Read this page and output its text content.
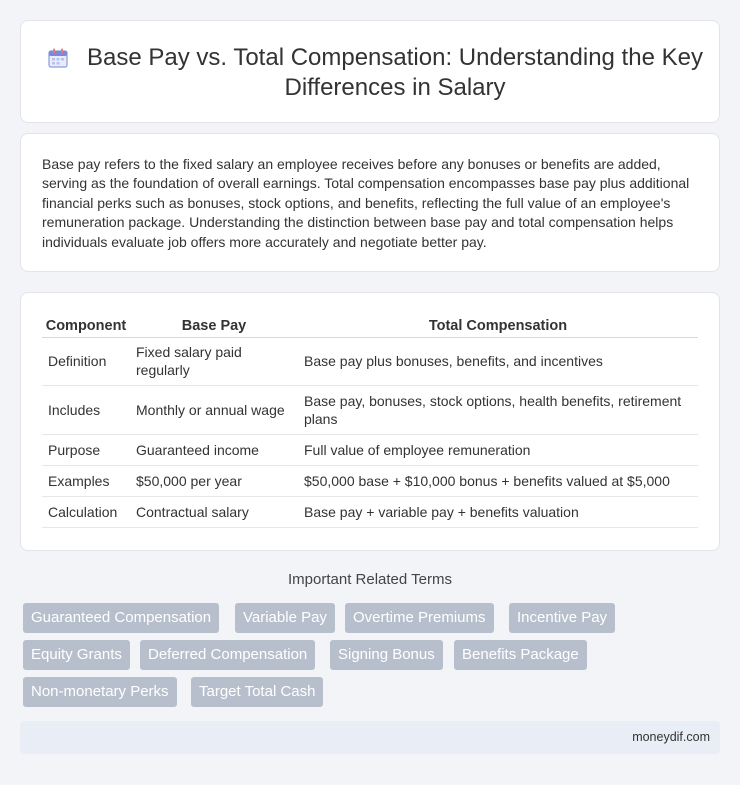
Base Pay vs. Total Compensation: Understanding the Key Differences in Salary

Base pay refers to the fixed salary an employee receives before any bonuses or benefits are added, serving as the foundation of overall earnings. Total compensation encompasses base pay plus additional financial perks such as bonuses, stock options, and benefits, reflecting the full value of an employee's remuneration package. Understanding the distinction between base pay and total compensation helps individuals evaluate job offers more accurately and negotiate better pay.

Component	Base Pay	Total Compensation
Definition	Fixed salary paid regularly	Base pay plus bonuses, benefits, and incentives
Includes	Monthly or annual wage	Base pay, bonuses, stock options, health benefits, retirement plans
Purpose	Guaranteed income	Full value of employee remuneration
Examples	$50,000 per year	$50,000 base + $10,000 bonus + benefits valued at $5,000
Calculation	Contractual salary	Base pay + variable pay + benefits valuation
Important Related Terms
Guaranteed Compensation	Variable Pay	Overtime Premiums	Incentive Pay
Equity Grants	Deferred Compensation	Signing Bonus	Benefits Package
Non-monetary Perks	Target Total Cash
moneydif.com
